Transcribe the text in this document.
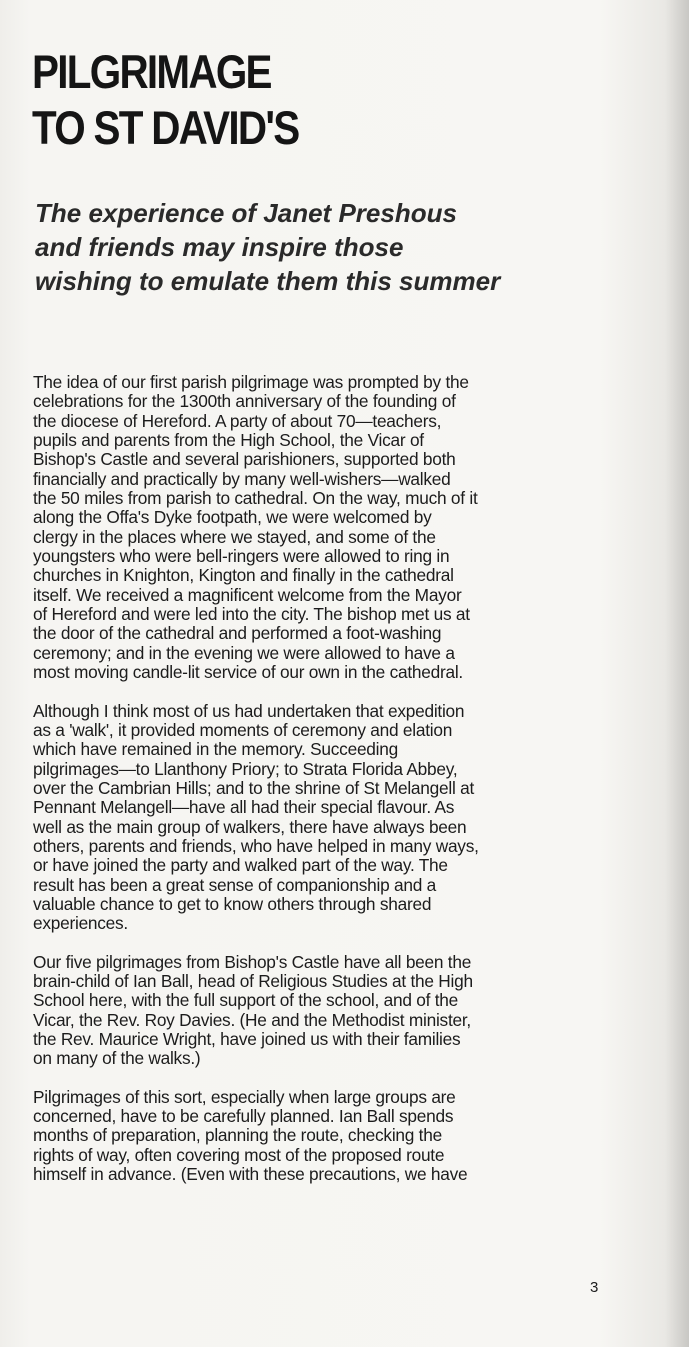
PILGRIMAGE
TO ST DAVID'S
The experience of Janet Preshous
and friends may inspire those
wishing to emulate them this summer

The idea of our first parish pilgrimage was prompted by the
celebrations for the 1300th anniversary of the founding of
the diocese of Hereford. A party of about 70—teachers,
pupils and parents from the High School, the Vicar of
Bishop's Castle and several parishioners, supported both
financially and practically by many well-wishers—walked
the 50 miles from parish to cathedral. On the way, much of it
along the Offa's Dyke footpath, we were welcomed by
clergy in the places where we stayed, and some of the
youngsters who were bell-ringers were allowed to ring in
churches in Knighton, Kington and finally in the cathedral
itself. We received a magnificent welcome from the Mayor
of Hereford and were led into the city. The bishop met us at
the door of the cathedral and performed a foot-washing
ceremony; and in the evening we were allowed to have a
most moving candle-lit service of our own in the cathedral.

Although I think most of us had undertaken that expedition
as a 'walk', it provided moments of ceremony and elation
which have remained in the memory. Succeeding
pilgrimages—to Llanthony Priory; to Strata Florida Abbey,
over the Cambrian Hills; and to the shrine of St Melangell at
Pennant Melangell—have all had their special flavour. As
well as the main group of walkers, there have always been
others, parents and friends, who have helped in many ways,
or have joined the party and walked part of the way. The
result has been a great sense of companionship and a
valuable chance to get to know others through shared
experiences.

Our five pilgrimages from Bishop's Castle have all been the
brain-child of Ian Ball, head of Religious Studies at the High
School here, with the full support of the school, and of the
Vicar, the Rev. Roy Davies. (He and the Methodist minister,
the Rev. Maurice Wright, have joined us with their families
on many of the walks.)

Pilgrimages of this sort, especially when large groups are
concerned, have to be carefully planned. Ian Ball spends
months of preparation, planning the route, checking the
rights of way, often covering most of the proposed route
himself in advance. (Even with these precautions, we have

3
